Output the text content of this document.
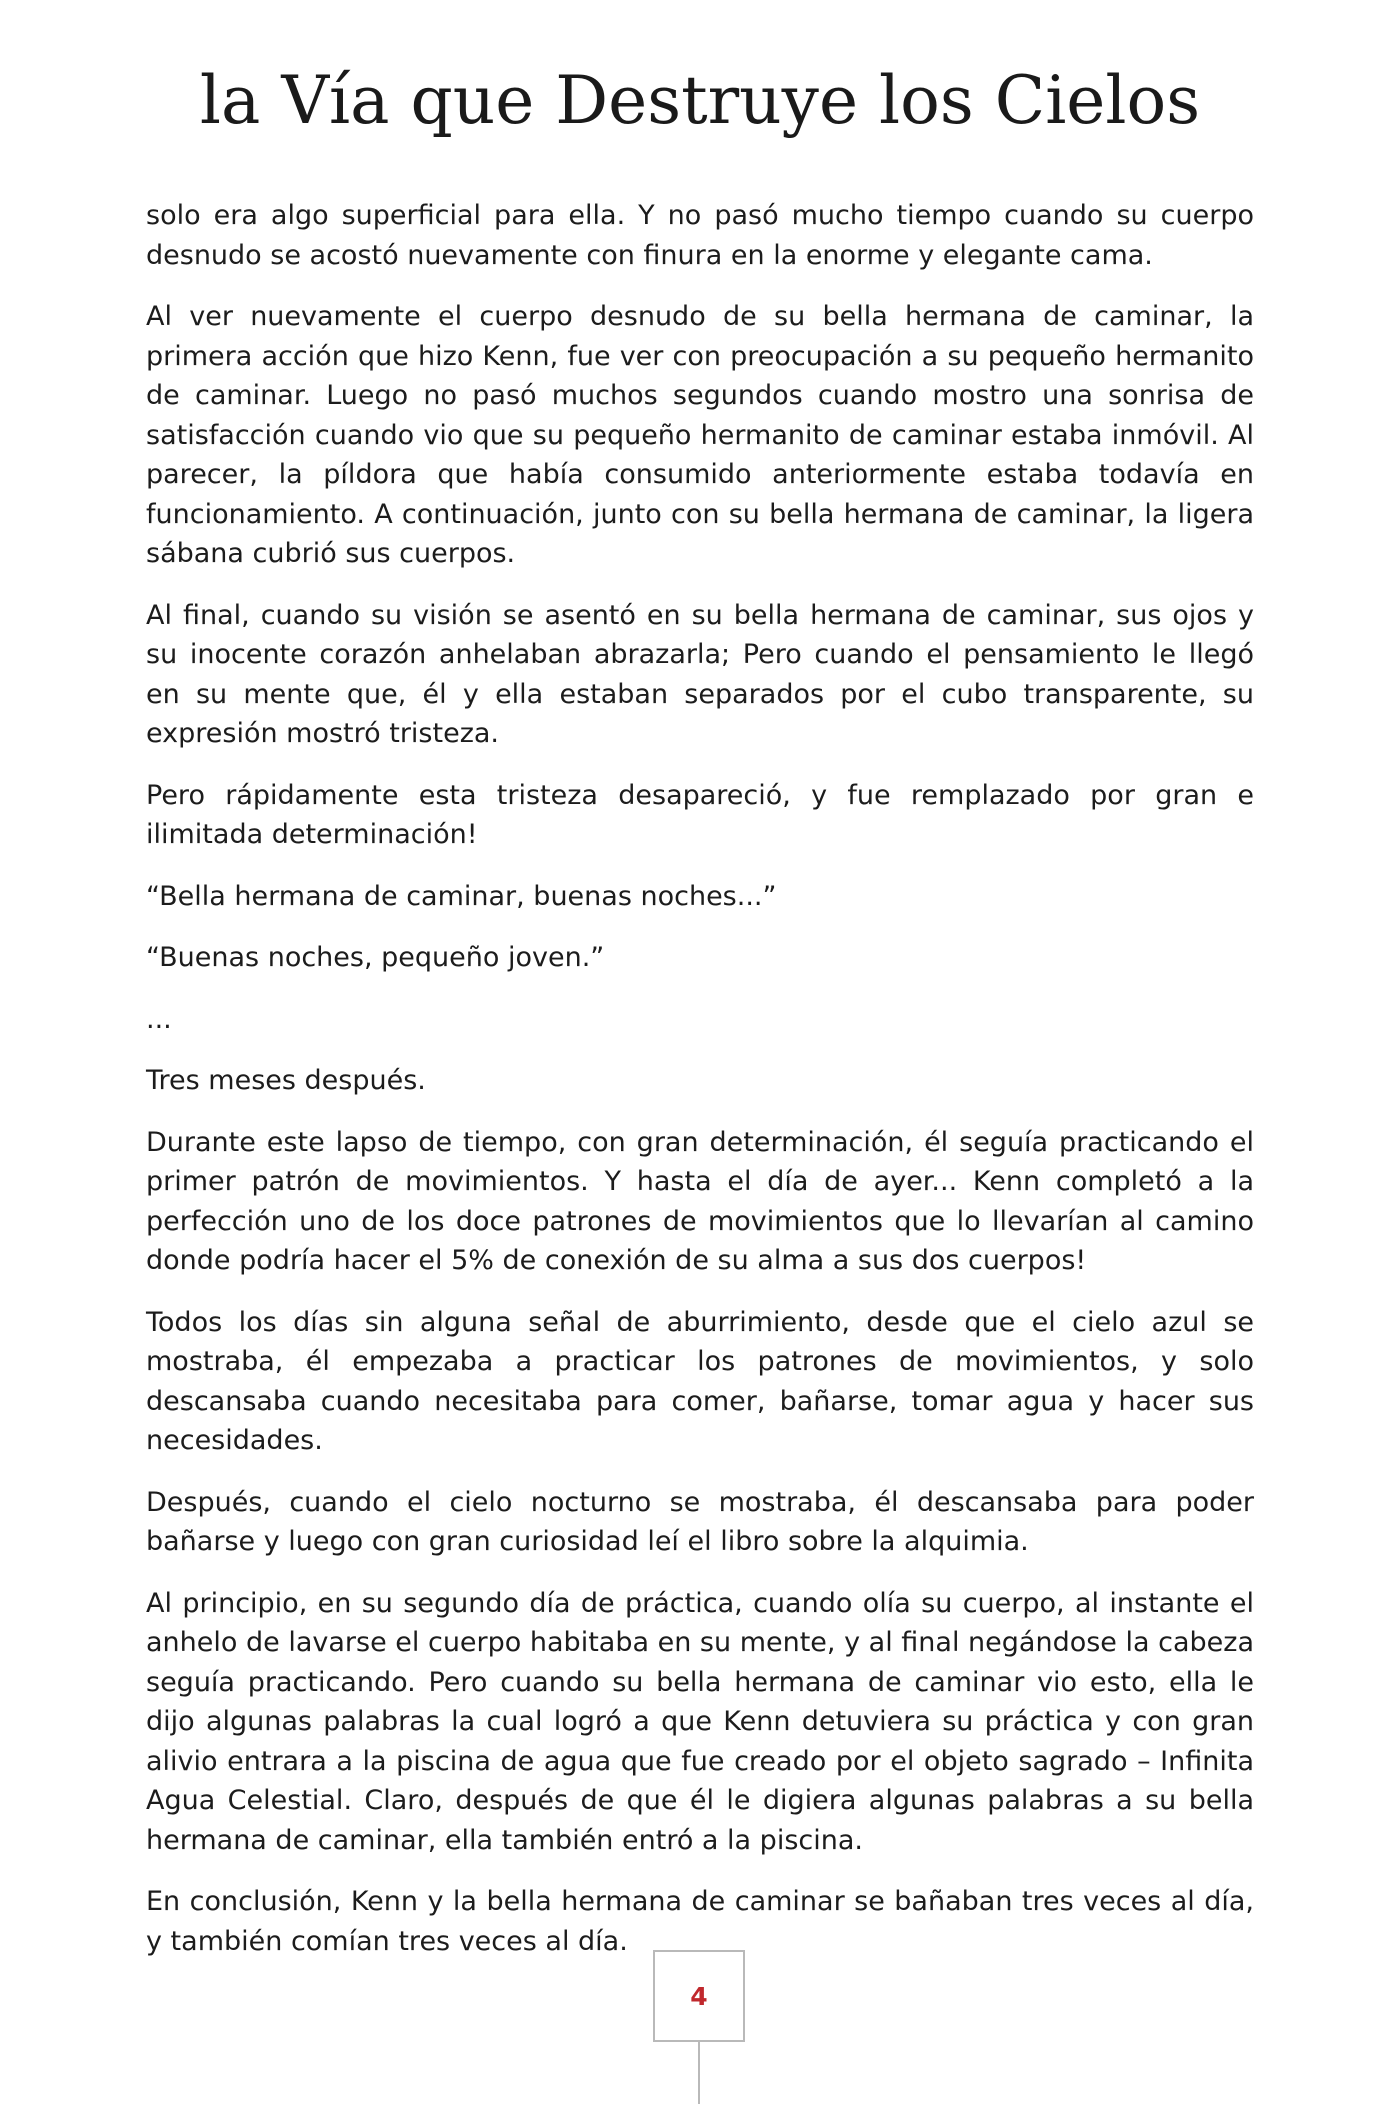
la Vía que Destruye los Cielos

solo era algo superficial para ella. Y no pasó mucho tiempo cuando su cuerpo desnudo se acostó nuevamente con finura en la enorme y elegante cama.

Al ver nuevamente el cuerpo desnudo de su bella hermana de caminar, la primera acción que hizo Kenn, fue ver con preocupación a su pequeño hermanito de caminar. Luego no pasó muchos segundos cuando mostro una sonrisa de satisfacción cuando vio que su pequeño hermanito de caminar estaba inmóvil. Al parecer, la píldora que había consumido anteriormente estaba todavía en funcionamiento. A continuación, junto con su bella hermana de caminar, la ligera sábana cubrió sus cuerpos.

Al final, cuando su visión se asentó en su bella hermana de caminar, sus ojos y su inocente corazón anhelaban abrazarla; Pero cuando el pensamiento le llegó en su mente que, él y ella estaban separados por el cubo transparente, su expresión mostró tristeza.

Pero rápidamente esta tristeza desapareció, y fue remplazado por gran e ilimitada determinación!

“Bella hermana de caminar, buenas noches...”

“Buenas noches, pequeño joven.”

...

Tres meses después.

Durante este lapso de tiempo, con gran determinación, él seguía practicando el primer patrón de movimientos. Y hasta el día de ayer... Kenn completó a la perfección uno de los doce patrones de movimientos que lo llevarían al camino donde podría hacer el 5% de conexión de su alma a sus dos cuerpos!

Todos los días sin alguna señal de aburrimiento, desde que el cielo azul se mostraba, él empezaba a practicar los patrones de movimientos, y solo descansaba cuando necesitaba para comer, bañarse, tomar agua y hacer sus necesidades.

Después, cuando el cielo nocturno se mostraba, él descansaba para poder bañarse y luego con gran curiosidad leí el libro sobre la alquimia.

Al principio, en su segundo día de práctica, cuando olía su cuerpo, al instante el anhelo de lavarse el cuerpo habitaba en su mente, y al final negándose la cabeza seguía practicando. Pero cuando su bella hermana de caminar vio esto, ella le dijo algunas palabras la cual logró a que Kenn detuviera su práctica y con gran alivio entrara a la piscina de agua que fue creado por el objeto sagrado – Infinita Agua Celestial. Claro, después de que él le digiera algunas palabras a su bella hermana de caminar, ella también entró a la piscina.

En conclusión, Kenn y la bella hermana de caminar se bañaban tres veces al día, y también comían tres veces al día.

4
